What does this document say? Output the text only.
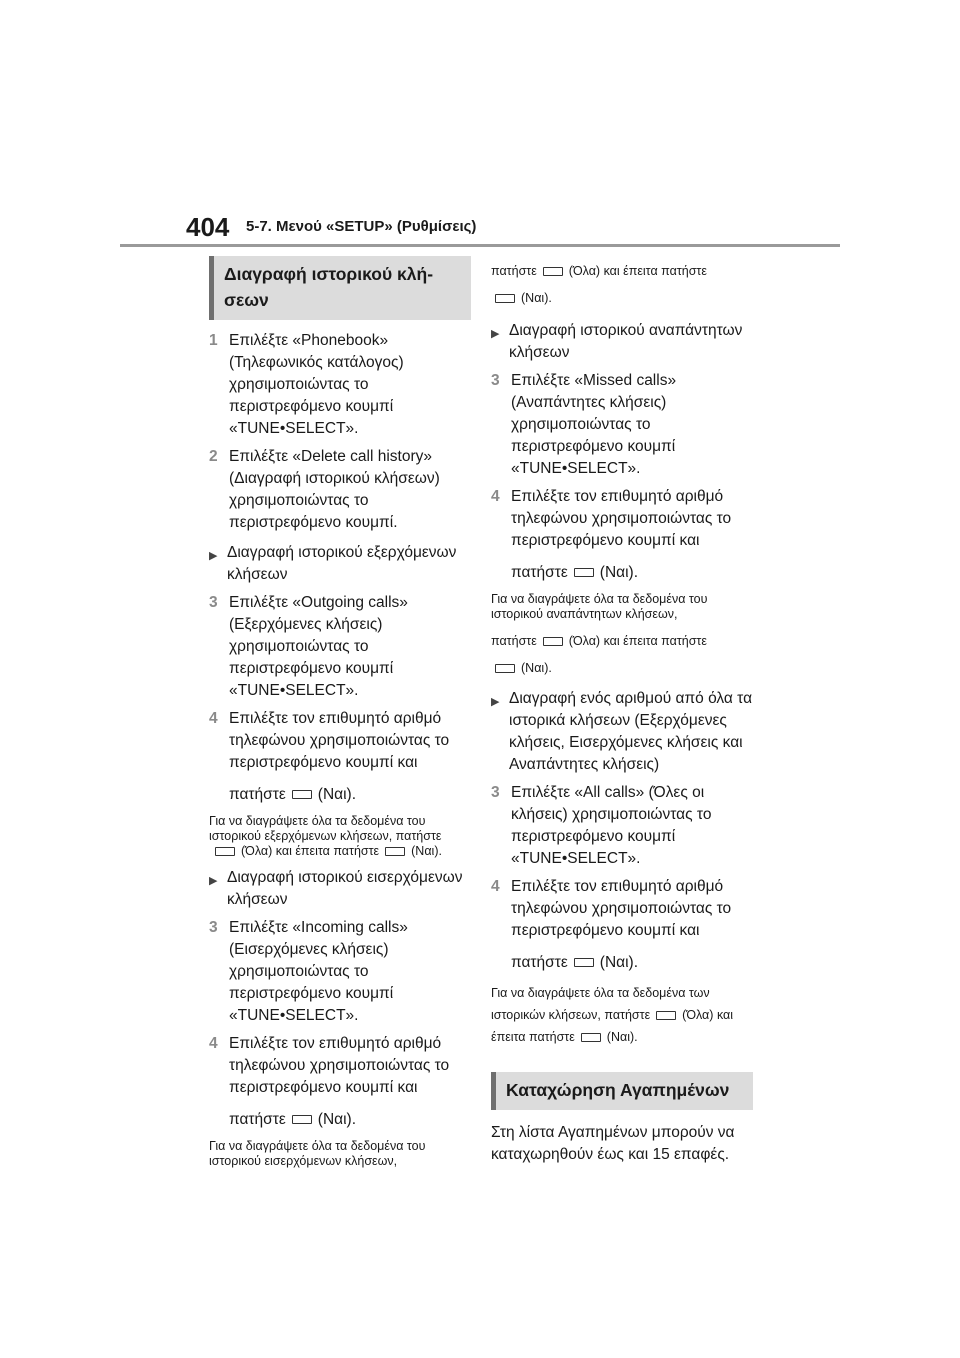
404 5-7. Μενού «SETUP» (Ρυθμίσεις)
Διαγραφή ιστορικού κλή-σεων
1 Επιλέξτε «Phonebook» (Τηλεφωνικός κατάλογος) χρησιμοποιώντας το περιστρεφόμενο κουμπί «TUNE•SELECT».
2 Επιλέξτε «Delete call history» (Διαγραφή ιστορικού κλήσεων) χρησιμοποιώντας το περιστρεφόμενο κουμπί.
▶ Διαγραφή ιστορικού εξερχόμενων κλήσεων
3 Επιλέξτε «Outgoing calls» (Εξερχόμενες κλήσεις) χρησιμοποιώντας το περιστρεφόμενο κουμπί «TUNE•SELECT».
4 Επιλέξτε τον επιθυμητό αριθμό τηλεφώνου χρησιμοποιώντας το περιστρεφόμενο κουμπί και
πατήστε (Ναι).
Για να διαγράψετε όλα τα δεδομένα του ιστορικού εξερχόμενων κλήσεων, πατήστε (Όλα) και έπειτα πατήστε	(Ναι).
▶ Διαγραφή ιστορικού εισερχόμενων κλήσεων
3 Επιλέξτε «Incoming calls» (Εισερχόμενες κλήσεις) χρησιμοποιώντας το περιστρεφόμενο κουμπί «TUNE•SELECT».
4 Επιλέξτε τον επιθυμητό αριθμό τηλεφώνου χρησιμοποιώντας το περιστρεφόμενο κουμπί και
πατήστε (Ναι).
Για να διαγράψετε όλα τα δεδομένα του ιστορικού εισερχόμενων κλήσεων,
πατήστε	(Όλα) και έπειτα πατήστε
(Ναι).
▶ Διαγραφή ιστορικού αναπάντητων κλήσεων
3 Επιλέξτε «Missed calls» (Αναπάντητες κλήσεις) χρησιμοποιώντας το περιστρεφόμενο κουμπί «TUNE•SELECT».
4 Επιλέξτε τον επιθυμητό αριθμό τηλεφώνου χρησιμοποιώντας το περιστρεφόμενο κουμπί και
πατήστε (Ναι).
Για να διαγράψετε όλα τα δεδομένα του ιστορικού αναπάντητων κλήσεων,
πατήστε	(Όλα) και έπειτα πατήστε
(Ναι).
▶ Διαγραφή ενός αριθμού από όλα τα ιστορικά κλήσεων (Εξερχόμενες κλήσεις, Εισερχόμενες κλήσεις και Αναπάντητες κλήσεις)
3 Επιλέξτε «All calls» (Όλες οι κλήσεις) χρησιμοποιώντας το περιστρεφόμενο κουμπί «TUNE•SELECT».
4 Επιλέξτε τον επιθυμητό αριθμό τηλεφώνου χρησιμοποιώντας το περιστρεφόμενο κουμπί και
πατήστε (Ναι).
Για να διαγράψετε όλα τα δεδομένα των ιστορικών κλήσεων, πατήστε	(Όλα) και έπειτα πατήστε	(Ναι).
Καταχώρηση Αγαπημένων
Στη λίστα Αγαπημένων μπορούν να καταχωρηθούν έως και 15 επαφές.
